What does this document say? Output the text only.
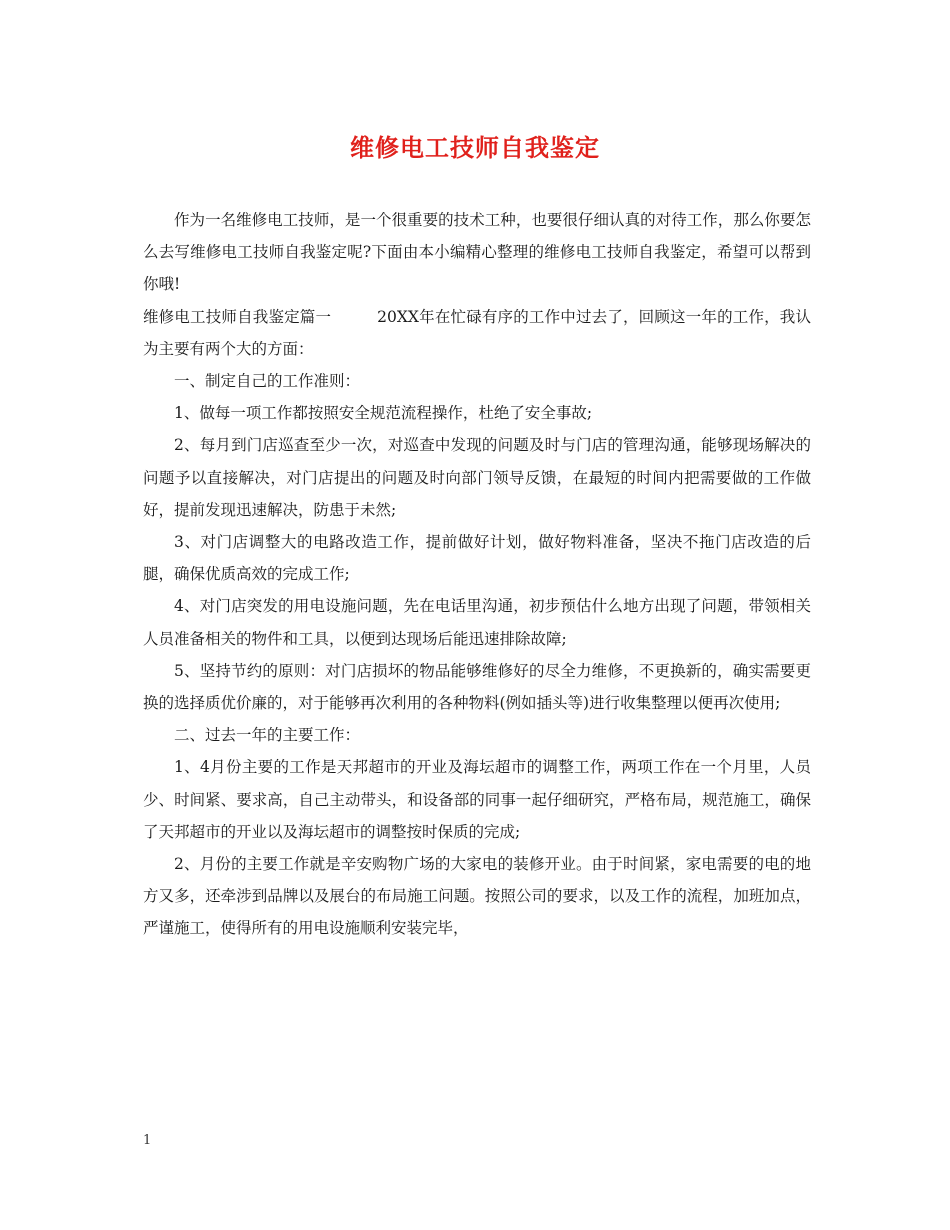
维修电工技师自我鉴定

作为一名维修电工技师，是一个很重要的技术工种，也要很仔细认真的对待工作，那么你要怎么去写维修电工技师自我鉴定呢?下面由本小编精心整理的维修电工技师自我鉴定，希望可以帮到你哦!

维修电工技师自我鉴定篇一	20XX年在忙碌有序的工作中过去了，回顾这一年的工作，我认为主要有两个大的方面：

一、制定自己的工作准则：

1、做每一项工作都按照安全规范流程操作，杜绝了安全事故;

2、每月到门店巡查至少一次，对巡查中发现的问题及时与门店的管理沟通，能够现场解决的问题予以直接解决，对门店提出的问题及时向部门领导反馈，在最短的时间内把需要做的工作做好，提前发现迅速解决，防患于未然;

3、对门店调整大的电路改造工作，提前做好计划，做好物料准备，坚决不拖门店改造的后腿，确保优质高效的完成工作;

4、对门店突发的用电设施问题，先在电话里沟通，初步预估什么地方出现了问题，带领相关人员准备相关的物件和工具，以便到达现场后能迅速排除故障;

5、坚持节约的原则：对门店损坏的物品能够维修好的尽全力维修，不更换新的，确实需要更换的选择质优价廉的，对于能够再次利用的各种物料(例如插头等)进行收集整理以便再次使用;

二、过去一年的主要工作：

1、4月份主要的工作是天邦超市的开业及海坛超市的调整工作，两项工作在一个月里，人员少、时间紧、要求高，自己主动带头，和设备部的同事一起仔细研究，严格布局，规范施工，确保了天邦超市的开业以及海坛超市的调整按时保质的完成;

2、月份的主要工作就是辛安购物广场的大家电的装修开业。由于时间紧，家电需要的电的地方又多，还牵涉到品牌以及展台的布局施工问题。按照公司的要求，以及工作的流程，加班加点，严谨施工，使得所有的用电设施顺利安装完毕，

1
